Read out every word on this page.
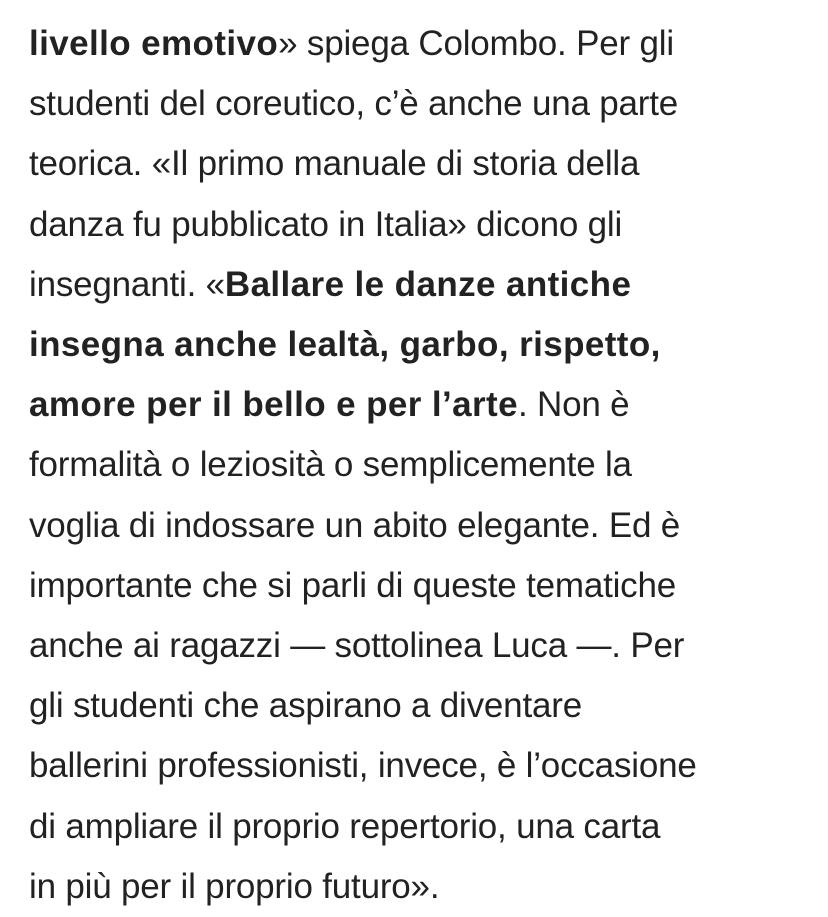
livello emotivo» spiega Colombo. Per gli
studenti del coreutico, c’è anche una parte
teorica. «Il primo manuale di storia della
danza fu pubblicato in Italia» dicono gli
insegnanti. «Ballare le danze antiche
insegna anche lealtà, garbo, rispetto,
amore per il bello e per l’arte. Non è
formalità o leziosità o semplicemente la
voglia di indossare un abito elegante. Ed è
importante che si parli di queste tematiche
anche ai ragazzi — sottolinea Luca —. Per
gli studenti che aspirano a diventare
ballerini professionisti, invece, è l’occasione
di ampliare il proprio repertorio, una carta
in più per il proprio futuro».
